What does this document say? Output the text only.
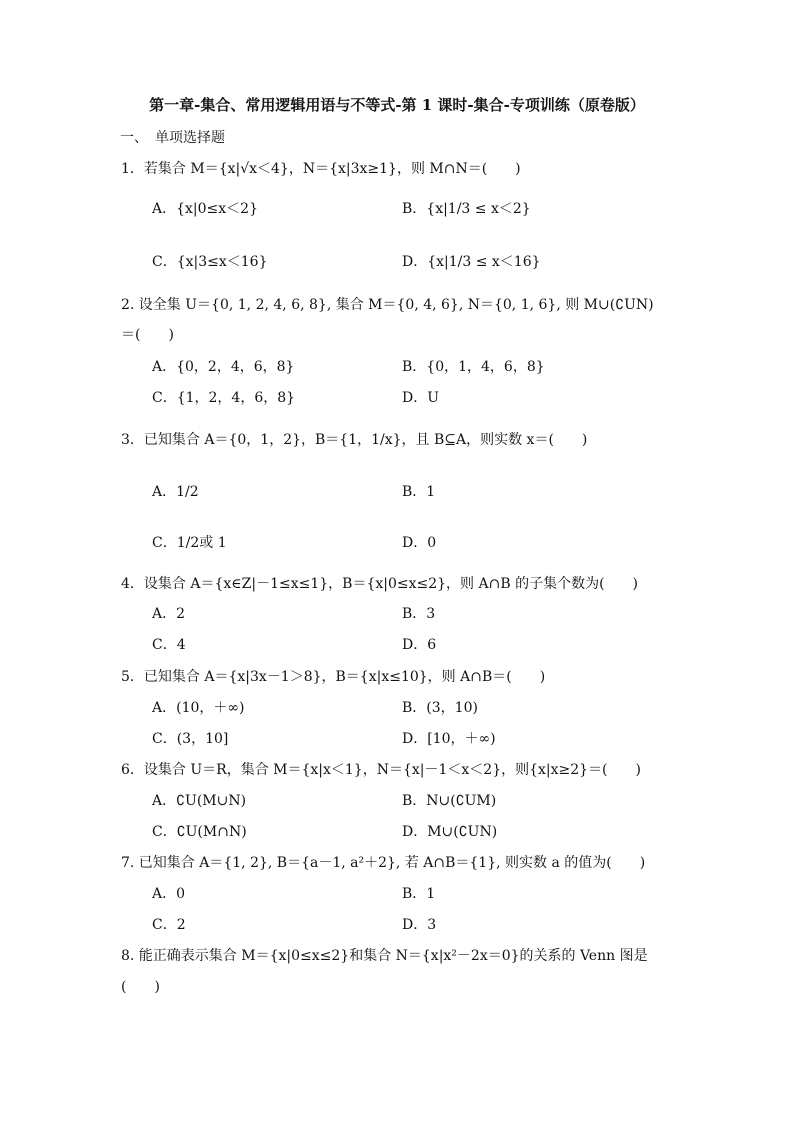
第一章-集合、常用逻辑用语与不等式-第 1 课时-集合-专项训练（原卷版）
一、　单项选择题
1．若集合 M＝{x|√x＜4}，N＝{x|3x≥1}，则 M∩N＝(　　)
A．{x|0≤x＜2}	B．{x|1/3 ≤ x＜2}
C．{x|3≤x＜16}	D．{x|1/3 ≤ x＜16}
2. 设全集 U＝{0, 1, 2, 4, 6, 8}, 集合 M＝{0, 4, 6}, N＝{0, 1, 6}, 则 M∪(∁UN)
＝(　　)
A．{0，2，4，6，8}	B．{0，1，4，6，8}
C．{1，2，4，6，8}	D．U
3．已知集合 A＝{0，1，2}，B＝{1，1/x}，且 B⊆A，则实数 x＝(　　)
A．1/2	B．1
C．1/2或 1	D．0
4．设集合 A＝{x∈Z|－1≤x≤1}，B＝{x|0≤x≤2}，则 A∩B 的子集个数为(　　)
A．2	B．3
C．4	D．6
5．已知集合 A＝{x|3x－1＞8}，B＝{x|x≤10}，则 A∩B＝(　　)
A．(10，＋∞)	B．(3，10)
C．(3，10]	D．[10，＋∞)
6．设集合 U＝R，集合 M＝{x|x＜1}，N＝{x|－1＜x＜2}，则{x|x≥2}＝(　　)
A．∁U(M∪N)	B．N∪(∁UM)
C．∁U(M∩N)	D．M∪(∁UN)
7. 已知集合 A＝{1, 2}, B＝{a－1, a²＋2}, 若 A∩B＝{1}, 则实数 a 的值为(　　)
A．0	B．1
C．2	D．3
8. 能正确表示集合 M＝{x|0≤x≤2}和集合 N＝{x|x²－2x＝0}的关系的 Venn 图是
(　　)
